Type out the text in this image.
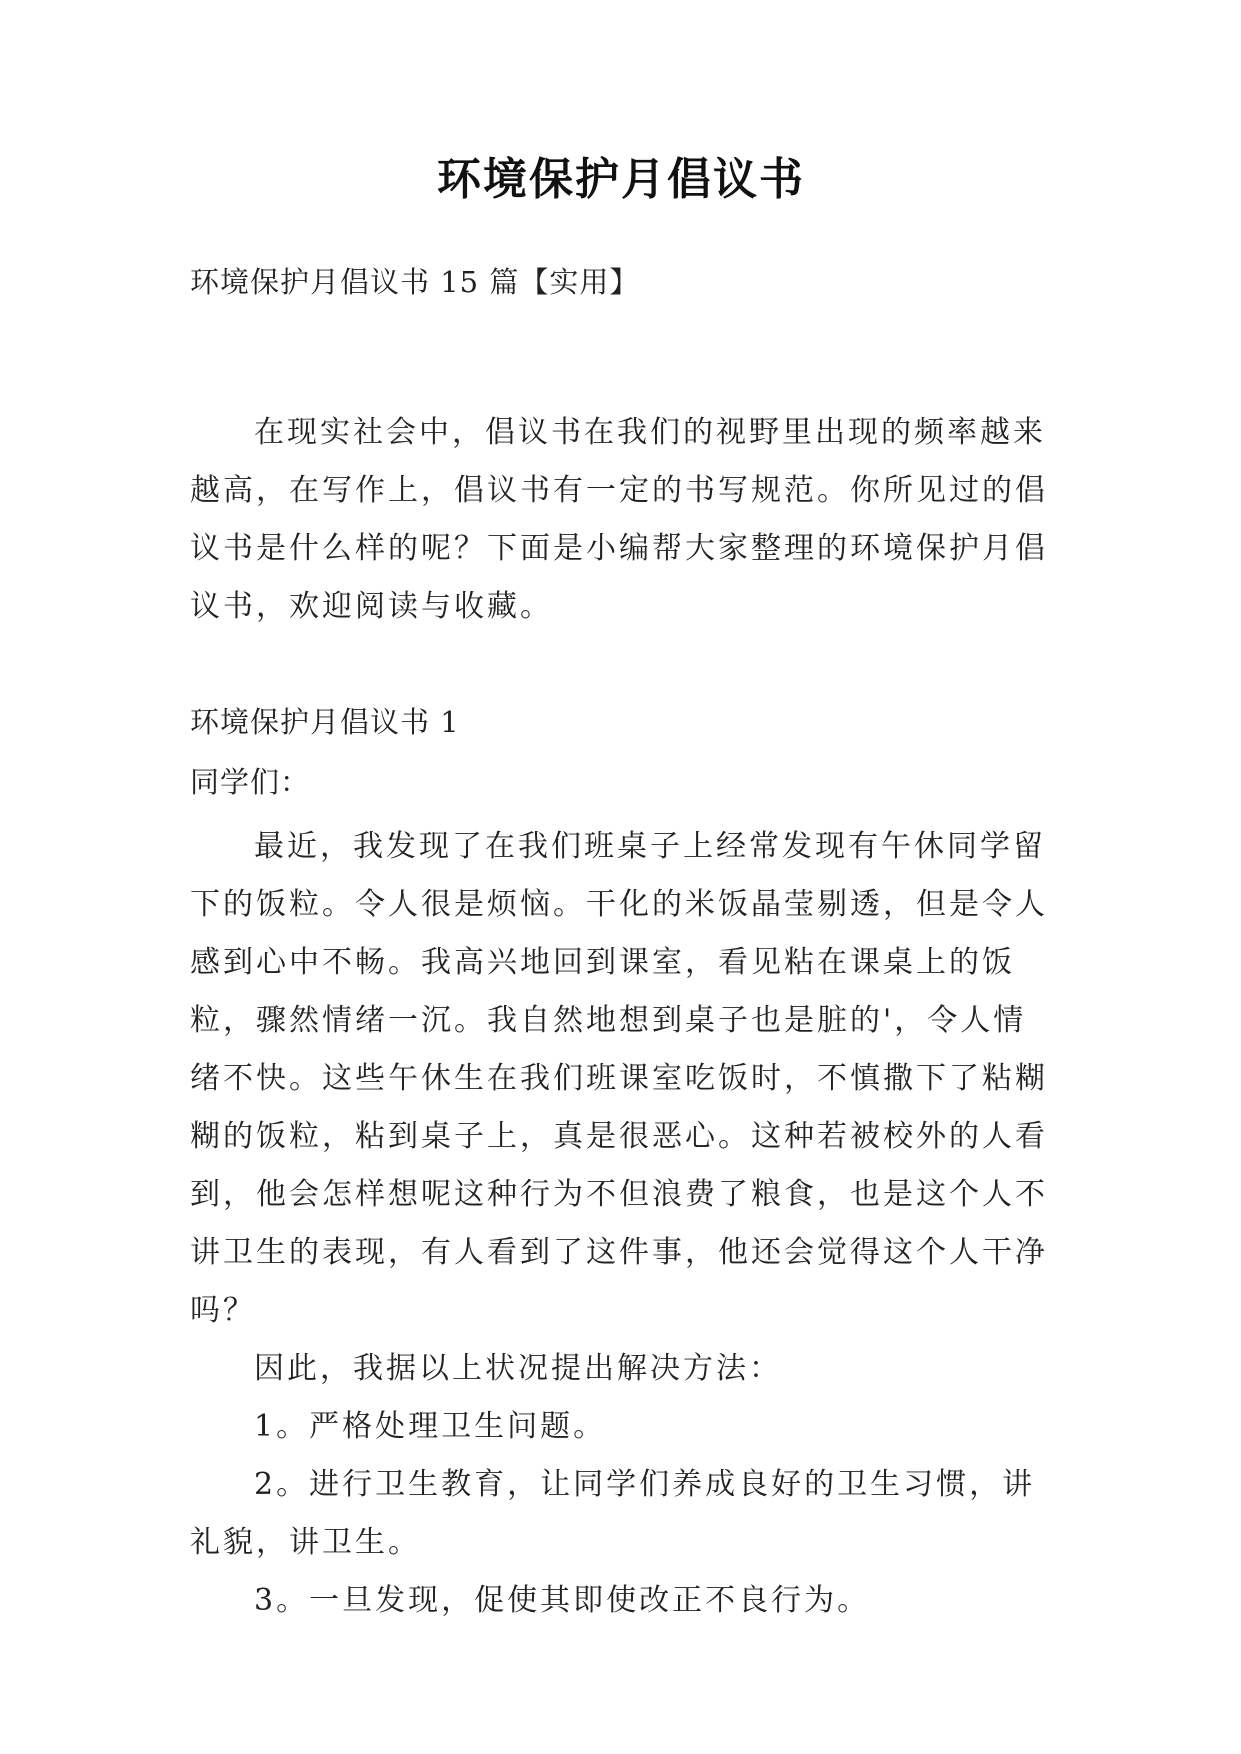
环境保护月倡议书

环境保护月倡议书 15 篇【实用】

在现实社会中，倡议书在我们的视野里出现的频率越来越高，在写作上，倡议书有一定的书写规范。你所见过的倡议书是什么样的呢？下面是小编帮大家整理的环境保护月倡议书，欢迎阅读与收藏。

环境保护月倡议书 1

同学们：

最近，我发现了在我们班桌子上经常发现有午休同学留下的饭粒。令人很是烦恼。干化的米饭晶莹剔透，但是令人感到心中不畅。我高兴地回到课室，看见粘在课桌上的饭粒，骤然情绪一沉。我自然地想到桌子也是脏的'，令人情绪不快。这些午休生在我们班课室吃饭时，不慎撒下了粘糊糊的饭粒，粘到桌子上，真是很恶心。这种若被校外的人看到，他会怎样想呢这种行为不但浪费了粮食，也是这个人不讲卫生的表现，有人看到了这件事，他还会觉得这个人干净吗？

因此，我据以上状况提出解决方法：

1。严格处理卫生问题。

2。进行卫生教育，让同学们养成良好的卫生习惯，讲礼貌，讲卫生。

3。一旦发现，促使其即使改正不良行为。
